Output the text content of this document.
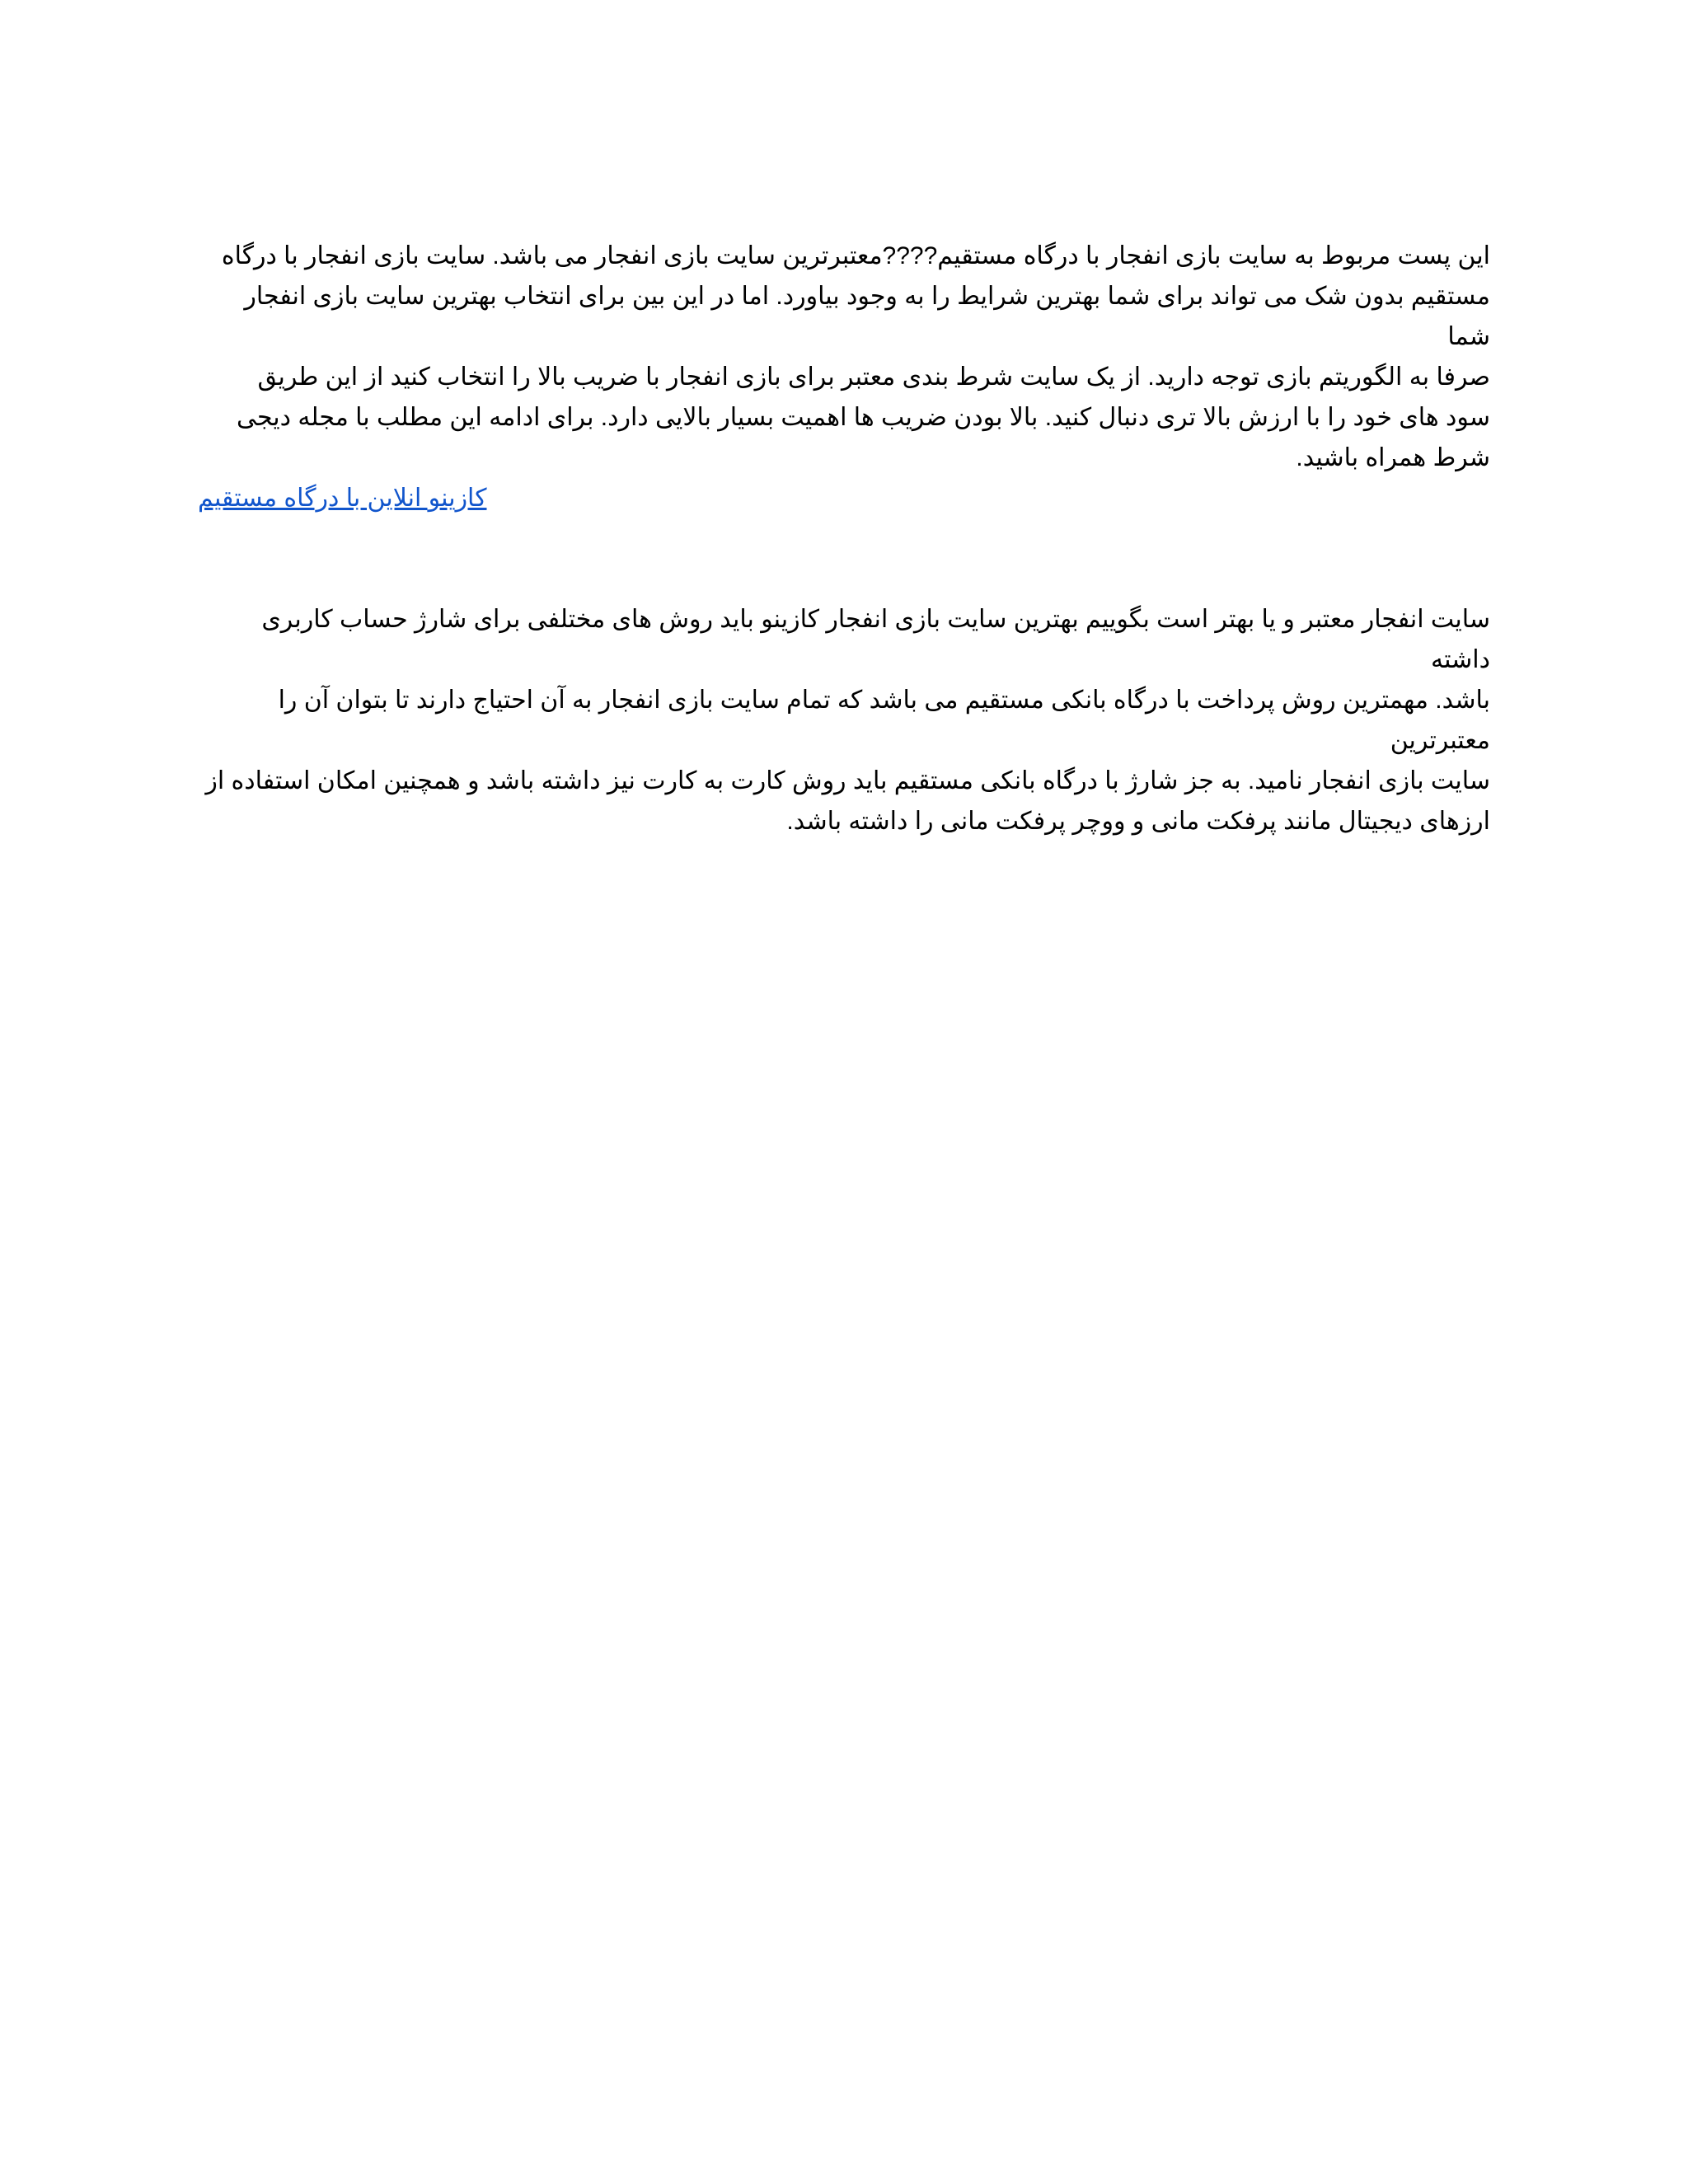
این پست مربوط به سایت بازی انفجار با درگاه مستقیم????معتبرترین سایت بازی انفجار می باشد. سایت بازی انفجار با درگاه
مستقیم بدون شک می تواند برای شما بهترین شرایط را به وجود بیاورد. اما در این بین برای انتخاب بهترین سایت بازی انفجار شما
صرفا به الگوریتم بازی توجه دارید. از یک سایت شرط بندی معتبر برای بازی انفجار با ضریب بالا را انتخاب کنید از این طریق
سود های خود را با ارزش بالا تری دنبال کنید. بالا بودن ضریب ها اهمیت بسیار بالایی دارد. برای ادامه این مطلب با مجله دیجی
شرط همراه باشید.

کازینو انلاین با درگاه مستقیم

سایت انفجار معتبر و یا بهتر است بگوییم بهترین سایت بازی انفجار کازینو باید روش های مختلفی برای شارژ حساب کاربری داشته
باشد. مهمترین روش پرداخت با درگاه بانکی مستقیم می باشد که تمام سایت بازی انفجار به آن احتیاج دارند تا بتوان آن را معتبرترین
سایت بازی انفجار نامید. به جز شارژ با درگاه بانکی مستقیم باید روش کارت به کارت نیز داشته باشد و همچنین امکان استفاده از
ارزهای دیجیتال مانند پرفکت مانی و ووچر پرفکت مانی را داشته باشد.
